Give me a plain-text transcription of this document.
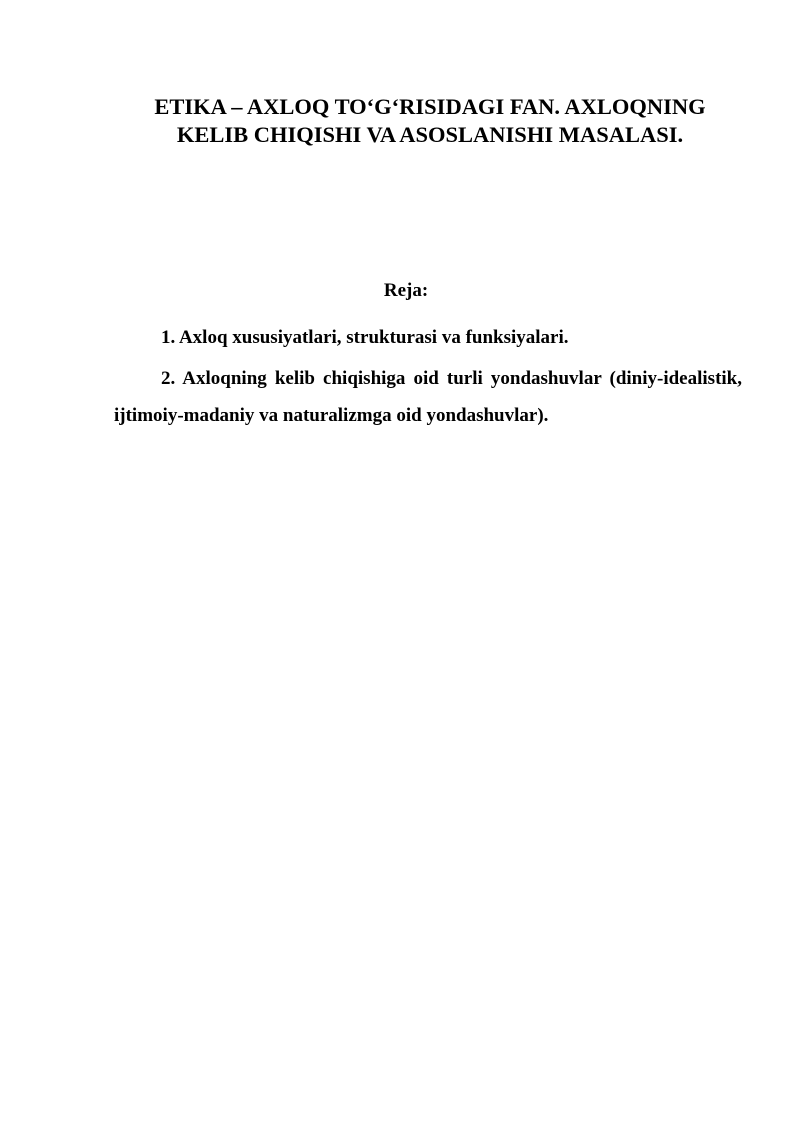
ETIKA – AXLOQ TO‘G‘RISIDAGI FAN. AXLOQNING
KELIB CHIQISHI VA ASOSLANISHI MASALASI.

Reja:

1. Axloq xususiyatlari, strukturasi va funksiyalari.

2. Axloqning kelib chiqishiga oid turli yondashuvlar (diniy-idealistik, ijtimoiy-madaniy va naturalizmga oid yondashuvlar).
